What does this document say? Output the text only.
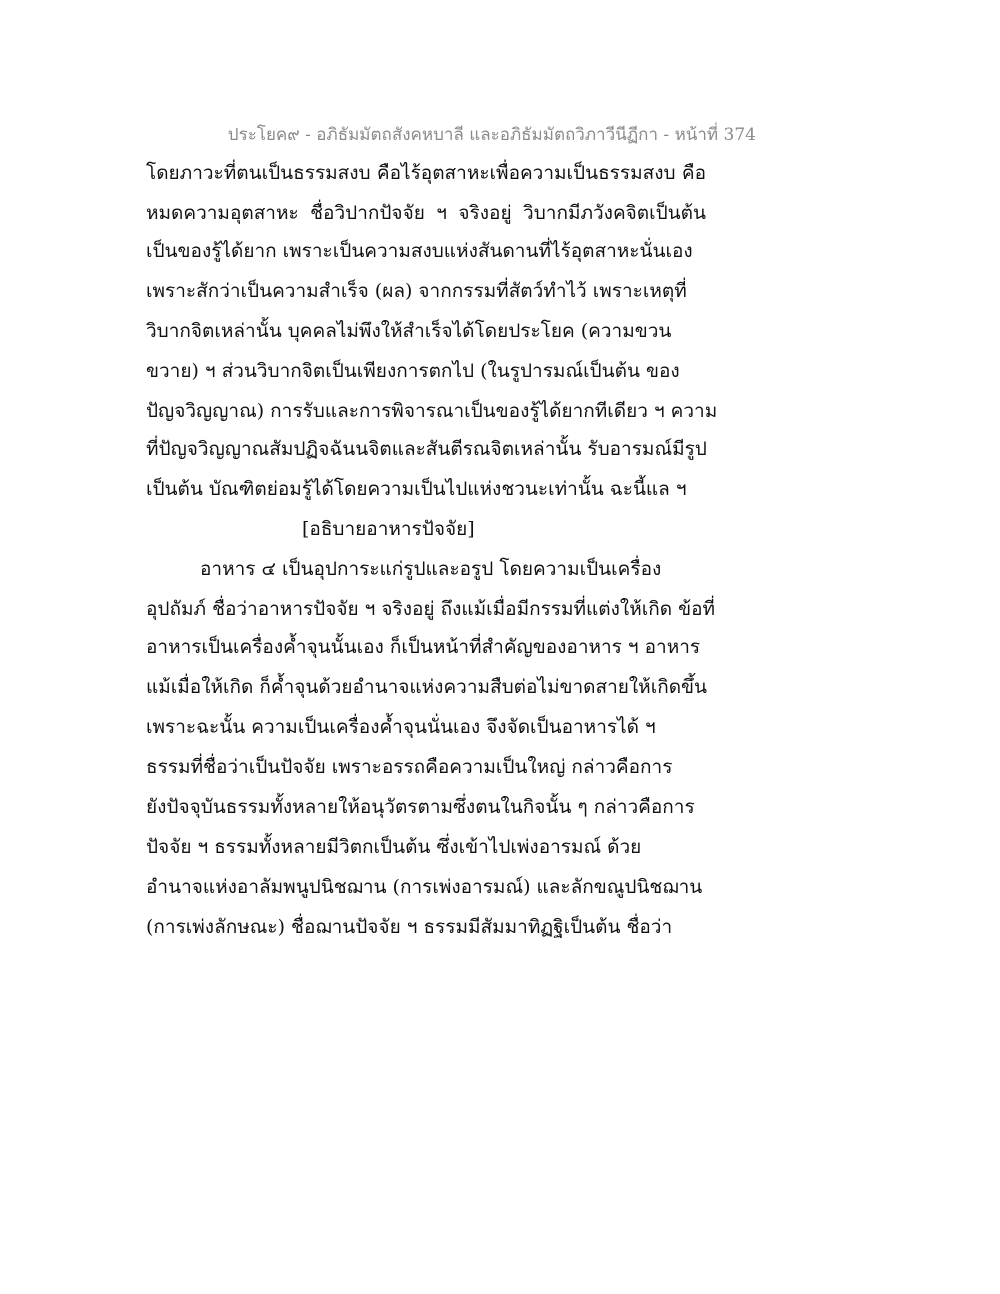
ประโยค๙ - อภิธัมมัตถสังคหบาลี และอภิธัมมัตถวิภาวีนีฏีกา - หน้าที่ 374
โดยภาวะที่ตนเป็นธรรมสงบ คือไร้อุตสาหะเพื่อความเป็นธรรมสงบ คือ
หมดความอุตสาหะ ชื่อวิปากปัจจัย ฯ จริงอยู่ วิบากมีภวังคจิตเป็นต้น
เป็นของรู้ได้ยาก เพราะเป็นความสงบแห่งสันดานที่ไร้อุตสาหะนั่นเอง
เพราะสักว่าเป็นความสำเร็จ (ผล) จากกรรมที่สัตว์ทำไว้ เพราะเหตุที่
วิบากจิตเหล่านั้น บุคคลไม่พึงให้สำเร็จได้โดยประโยค (ความขวน
ขวาย) ฯ ส่วนวิบากจิตเป็นเพียงการตกไป (ในรูปารมณ์เป็นต้น ของ
ปัญจวิญญาณ) การรับและการพิจารณาเป็นของรู้ได้ยากทีเดียว ฯ ความ
ที่ปัญจวิญญาณสัมปฏิจฉันนจิตและสันตีรณจิตเหล่านั้น รับอารมณ์มีรูป
เป็นต้น บัณฑิตย่อมรู้ได้โดยความเป็นไปแห่งชวนะเท่านั้น ฉะนี้แล ฯ
[อธิบายอาหารปัจจัย]
อาหาร ๔ เป็นอุปการะแก่รูปและอรูป โดยความเป็นเครื่อง
อุปถัมภ์ ชื่อว่าอาหารปัจจัย ฯ จริงอยู่ ถึงแม้เมื่อมีกรรมที่แต่งให้เกิด ข้อที่
อาหารเป็นเครื่องค้ำจุนนั้นเอง ก็เป็นหน้าที่สำคัญของอาหาร ฯ อาหาร
แม้เมื่อให้เกิด ก็ค้ำจุนด้วยอำนาจแห่งความสืบต่อไม่ขาดสายให้เกิดขึ้น
เพราะฉะนั้น ความเป็นเครื่องค้ำจุนนั่นเอง จึงจัดเป็นอาหารได้ ฯ
ธรรมที่ชื่อว่าเป็นปัจจัย เพราะอรรถคือความเป็นใหญ่ กล่าวคือการ
ยังปัจจุบันธรรมทั้งหลายให้อนุวัตรตามซึ่งตนในกิจนั้น ๆ กล่าวคือการ
ปัจจัย ฯ ธรรมทั้งหลายมีวิตกเป็นต้น ซึ่งเข้าไปเพ่งอารมณ์ ด้วย
อำนาจแห่งอาลัมพนูปนิชฌาน (การเพ่งอารมณ์) และลักขณูปนิชฌาน
(การเพ่งลักษณะ) ชื่อฌานปัจจัย ฯ ธรรมมีสัมมาทิฏฐิเป็นต้น ชื่อว่า
